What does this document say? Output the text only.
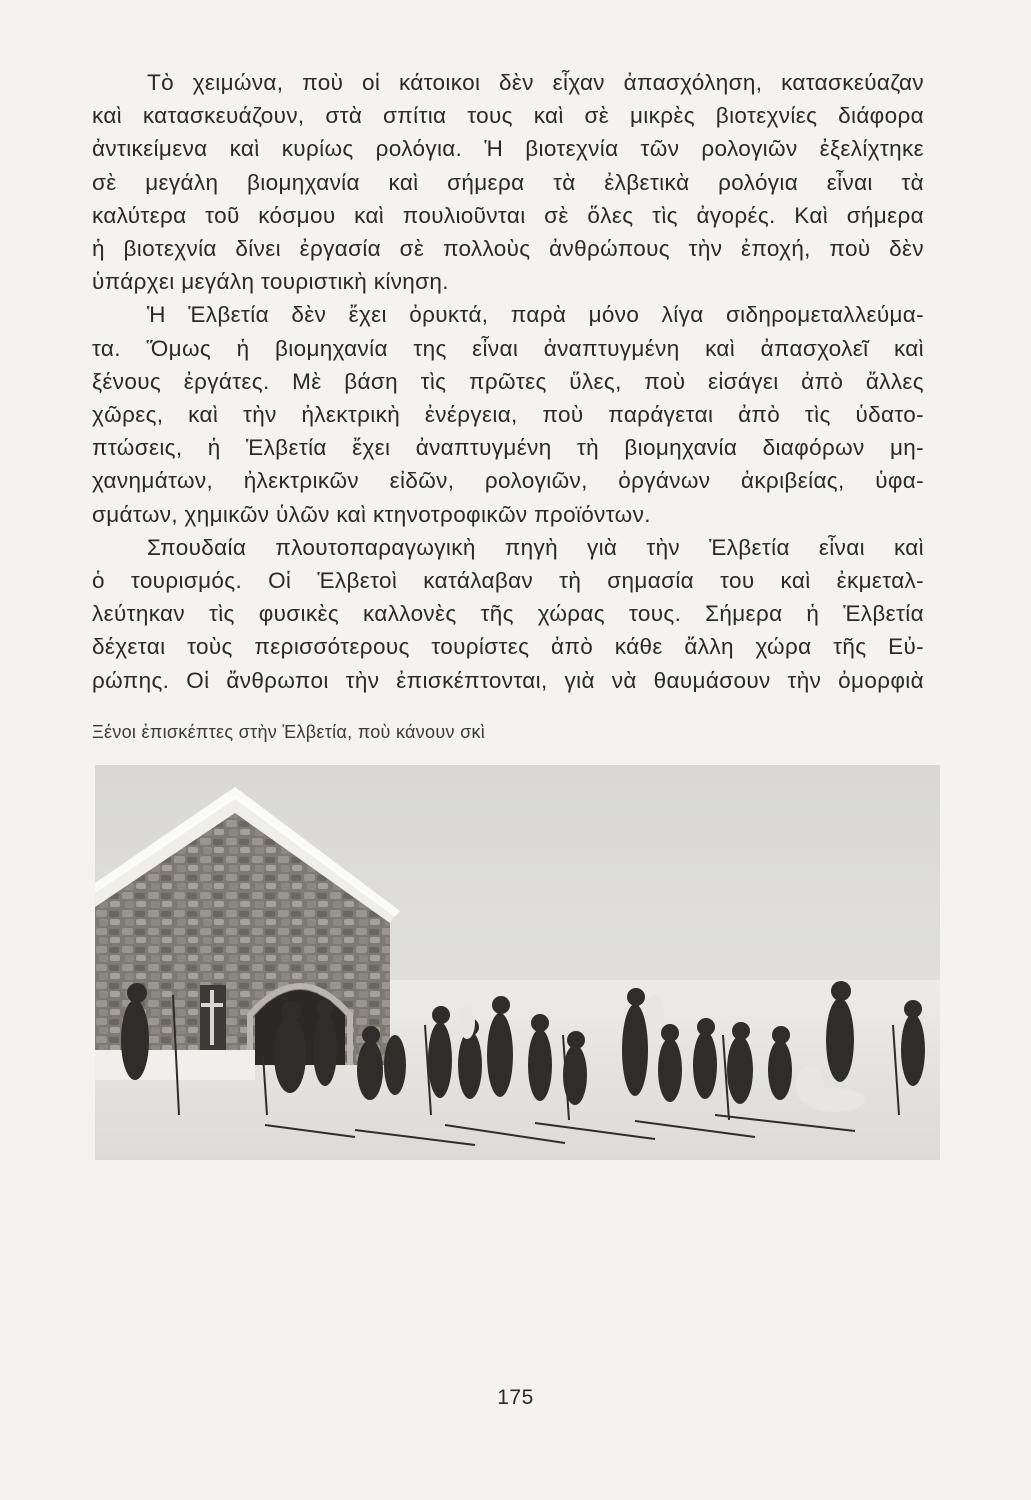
Τὸ χειμώνα, ποὺ οἱ κάτοικοι δὲν εἶχαν ἀπασχόληση, κατασκεύαζαν
καὶ κατασκευάζουν, στὰ σπίτια τους καὶ σὲ μικρὲς βιοτεχνίες διάφορα
ἀντικείμενα καὶ κυρίως ρολόγια. Ἡ βιοτεχνία τῶν ρολογιῶν ἐξελίχτηκε
σὲ μεγάλη βιομηχανία καὶ σήμερα τὰ ἐλβετικὰ ρολόγια εἶναι τὰ
καλύτερα τοῦ κόσμου καὶ πουλιοῦνται σὲ ὅλες τὶς ἀγορές. Καὶ σήμερα
ἡ βιοτεχνία δίνει ἐργασία σὲ πολλοὺς ἀνθρώπους τὴν ἐποχή, ποὺ δὲν
ὑπάρχει μεγάλη τουριστικὴ κίνηση.
Ἡ Ἑλβετία δὲν ἔχει ὀρυκτά, παρὰ μόνο λίγα σιδηρομεταλλεύμα-
τα. Ὅμως ἡ βιομηχανία της εἶναι ἀναπτυγμένη καὶ ἀπασχολεῖ καὶ
ξένους ἐργάτες. Μὲ βάση τὶς πρῶτες ὕλες, ποὺ εἰσάγει ἀπὸ ἄλλες
χῶρες, καὶ τὴν ἠλεκτρικὴ ἐνέργεια, ποὺ παράγεται ἀπὸ τὶς ὑδατο-
πτώσεις, ἡ Ἑλβετία ἔχει ἀναπτυγμένη τὴ βιομηχανία διαφόρων μη-
χανημάτων, ἠλεκτρικῶν εἰδῶν, ρολογιῶν, ὀργάνων ἀκριβείας, ὑφα-
σμάτων, χημικῶν ὑλῶν καὶ κτηνοτροφικῶν προϊόντων.
Σπουδαία πλουτοπαραγωγικὴ πηγὴ γιὰ τὴν Ἑλβετία εἶναι καὶ
ὁ τουρισμός. Οἱ Ἑλβετοὶ κατάλαβαν τὴ σημασία του καὶ ἐκμεταλ-
λεύτηκαν τὶς φυσικὲς καλλονὲς τῆς χώρας τους. Σήμερα ἡ Ἑλβετία
δέχεται τοὺς περισσότερους τουρίστες ἀπὸ κάθε ἄλλη χώρα τῆς Εὐ-
ρώπης. Οἱ ἄνθρωποι τὴν ἐπισκέπτονται, γιὰ νὰ θαυμάσουν τὴν ὀμορφιὰ
Ξένοι ἐπισκέπτες στὴν Ἑλβετία, ποὺ κάνουν σκὶ
175
